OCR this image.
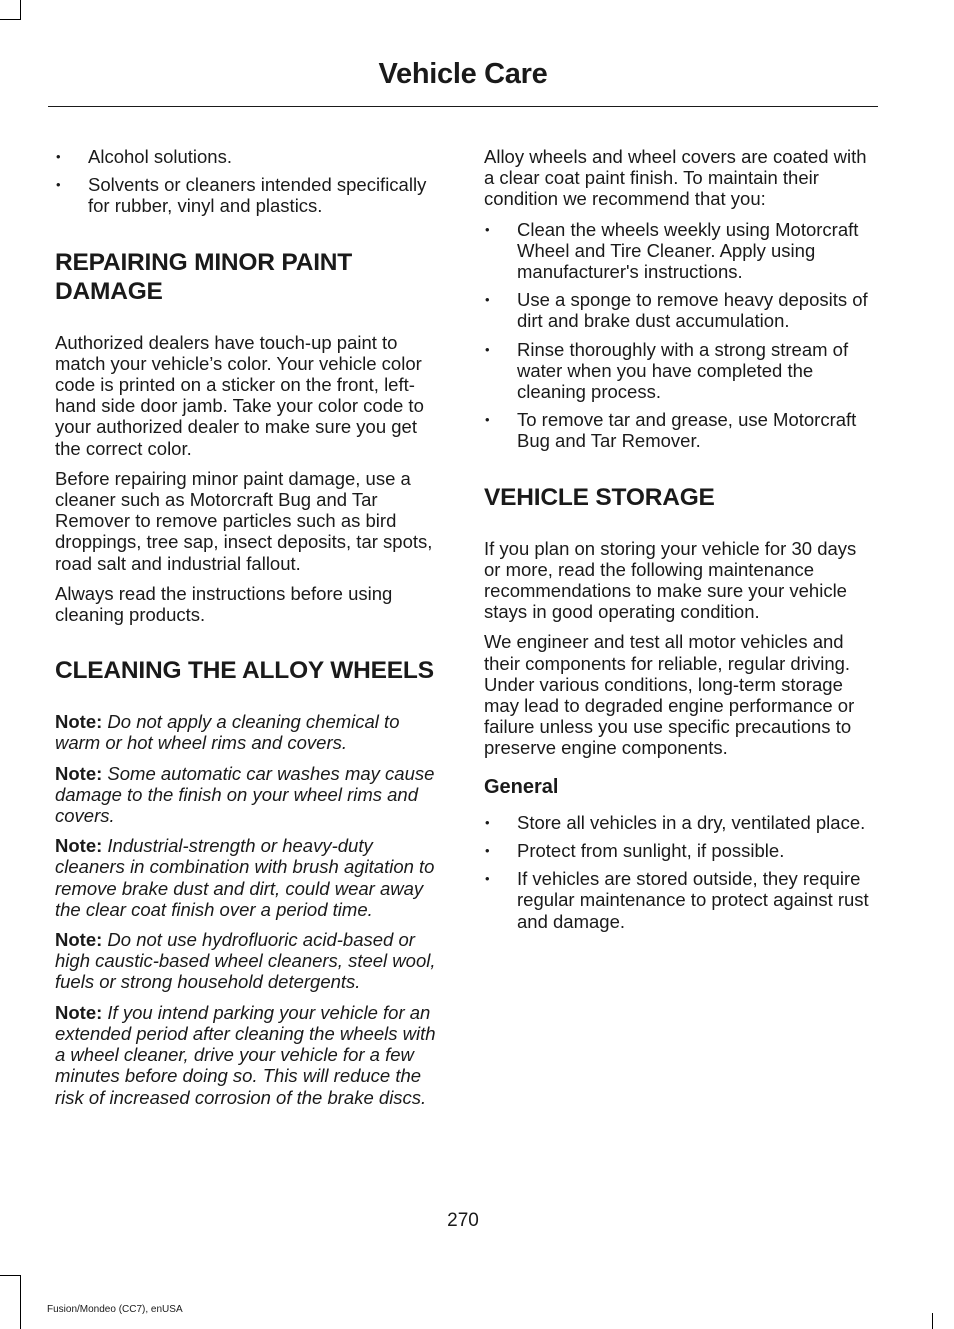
Vehicle Care
• Alcohol solutions.
• Solvents or cleaners intended specifically for rubber, vinyl and plastics.
REPAIRING MINOR PAINT DAMAGE

Authorized dealers have touch-up paint to match your vehicle’s color. Your vehicle color code is printed on a sticker on the front, left-hand side door jamb. Take your color code to your authorized dealer to make sure you get the correct color.

Before repairing minor paint damage, use a cleaner such as Motorcraft Bug and Tar Remover to remove particles such as bird droppings, tree sap, insect deposits, tar spots, road salt and industrial fallout.

Always read the instructions before using cleaning products.

CLEANING THE ALLOY WHEELS

Note: Do not apply a cleaning chemical to warm or hot wheel rims and covers.

Note: Some automatic car washes may cause damage to the finish on your wheel rims and covers.

Note: Industrial-strength or heavy-duty cleaners in combination with brush agitation to remove brake dust and dirt, could wear away the clear coat finish over a period time.

Note: Do not use hydrofluoric acid-based or high caustic-based wheel cleaners, steel wool, fuels or strong household detergents.

Note: If you intend parking your vehicle for an extended period after cleaning the wheels with a wheel cleaner, drive your vehicle for a few minutes before doing so. This will reduce the risk of increased corrosion of the brake discs.

Alloy wheels and wheel covers are coated with a clear coat paint finish. To maintain their condition we recommend that you:

• Clean the wheels weekly using Motorcraft Wheel and Tire Cleaner. Apply using manufacturer's instructions.
• Use a sponge to remove heavy deposits of dirt and brake dust accumulation.
• Rinse thoroughly with a strong stream of water when you have completed the cleaning process.
• To remove tar and grease, use Motorcraft Bug and Tar Remover.
VEHICLE STORAGE

If you plan on storing your vehicle for 30 days or more, read the following maintenance recommendations to make sure your vehicle stays in good operating condition.

We engineer and test all motor vehicles and their components for reliable, regular driving. Under various conditions, long-term storage may lead to degraded engine performance or failure unless you use specific precautions to preserve engine components.

General
• Store all vehicles in a dry, ventilated place.
• Protect from sunlight, if possible.
• If vehicles are stored outside, they require regular maintenance to protect against rust and damage.
270
Fusion/Mondeo (CC7), enUSA
